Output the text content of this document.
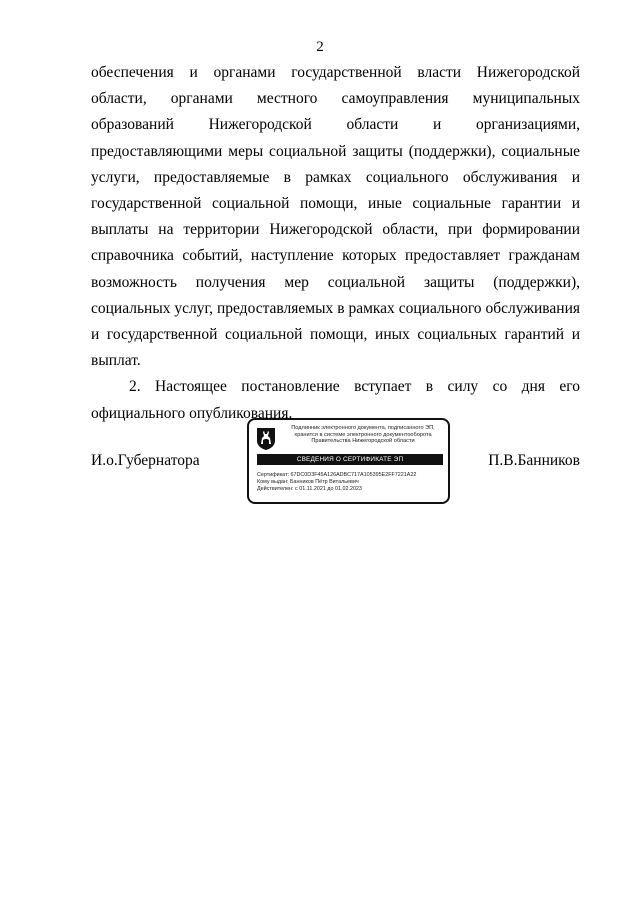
2

обеспечения и органами государственной власти Нижегородской области, органами местного самоуправления муниципальных образований Нижегородской области и организациями, предоставляющими меры социальной защиты (поддержки), социальные услуги, предоставляемые в рамках социального обслуживания и государственной социальной помощи, иные социальные гарантии и выплаты на территории Нижегородской области, при формировании справочника событий, наступление которых предоставляет гражданам возможность получения мер социальной защиты (поддержки), социальных услуг, предоставляемых в рамках социального обслуживания и государственной социальной помощи, иных социальных гарантий и выплат.

2. Настоящее постановление вступает в силу со дня его официального опубликования.

И.о.Губернатора
Подлинник электронного документа, подписанного ЭП,
хранится в системе электронного документооборота
Правительства Нижегородской области
СВЕДЕНИЯ О СЕРТИФИКАТЕ ЭП
Сертификат: 67DC0D3F45A126ADBC717A105395E2FF7221A22
Кому выдан: Банников Пётр Витальевич
Действителен: с 01.11.2021 до 01.02.2023
П.В.Банников
